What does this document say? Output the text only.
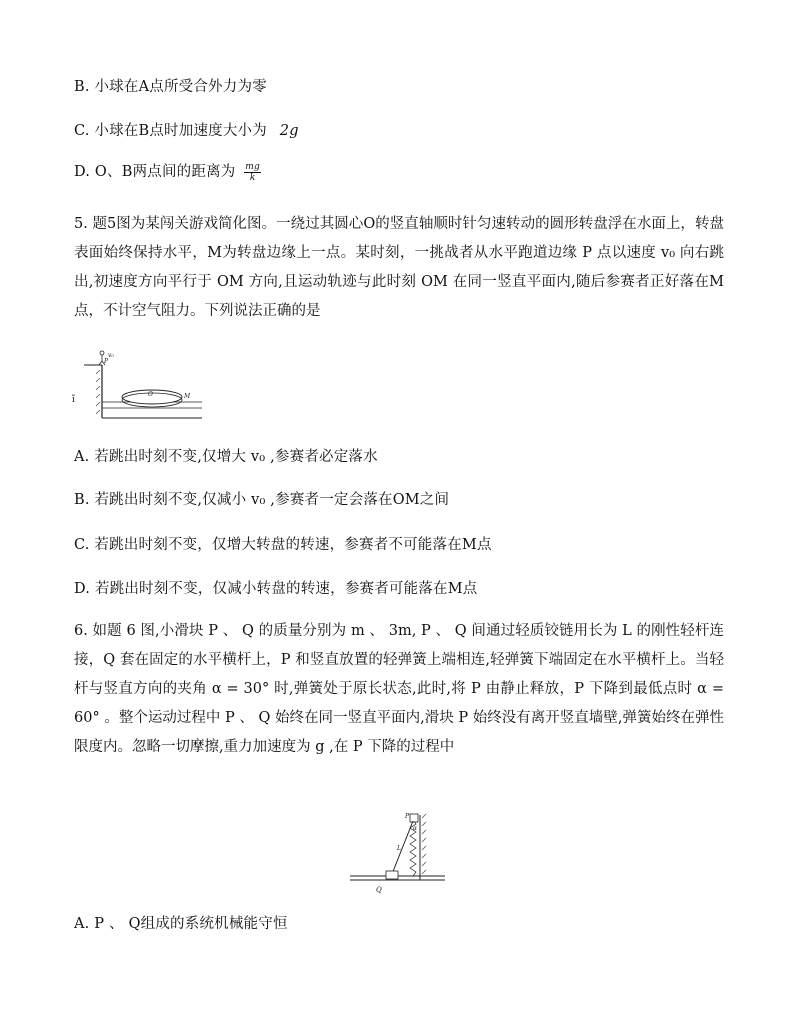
B. 小球在A点所受合外力为零
C. 小球在B点时加速度大小为 2g
D. O、B两点间的距离为 $\frac{mg}{k}$
5. 题5图为某闯关游戏简化图。一绕过其圆心O的竖直轴顺时针匀速转动的圆形转盘浮在水面上，转盘表面始终保持水平，M为转盘边缘上一点。某时刻，一挑战者从水平跑道边缘 P 点以速度 v₀ 向右跳出,初速度方向平行于 OM 方向,且运动轨迹与此时刻 OM 在同一竖直平面内,随后参赛者正好落在M点，不计空气阻力。下列说法正确的是
v₀
P
O	M
ĩ
A. 若跳出时刻不变,仅增大 v₀ ,参赛者必定落水
B. 若跳出时刻不变,仅减小 v₀ ,参赛者一定会落在OM之间
C. 若跳出时刻不变，仅增大转盘的转速，参赛者不可能落在M点
D. 若跳出时刻不变，仅减小转盘的转速，参赛者可能落在M点
6. 如题 6 图,小滑块 P 、 Q 的质量分别为 m 、 3m, P 、 Q 间通过轻质铰链用长为 L 的刚性轻杆连接，Q 套在固定的水平横杆上，P 和竖直放置的轻弹簧上端相连,轻弹簧下端固定在水平横杆上。当轻杆与竖直方向的夹角 α = 30° 时,弹簧处于原长状态,此时,将 P 由静止释放，P 下降到最低点时 α = 60° 。整个运动过程中 P 、 Q 始终在同一竖直平面内,滑块 P 始终没有离开竖直墙壁,弹簧始终在弹性限度内。忽略一切摩擦,重力加速度为 g ,在 P 下降的过程中
P
α
L
Q
A. P 、 Q组成的系统机械能守恒
